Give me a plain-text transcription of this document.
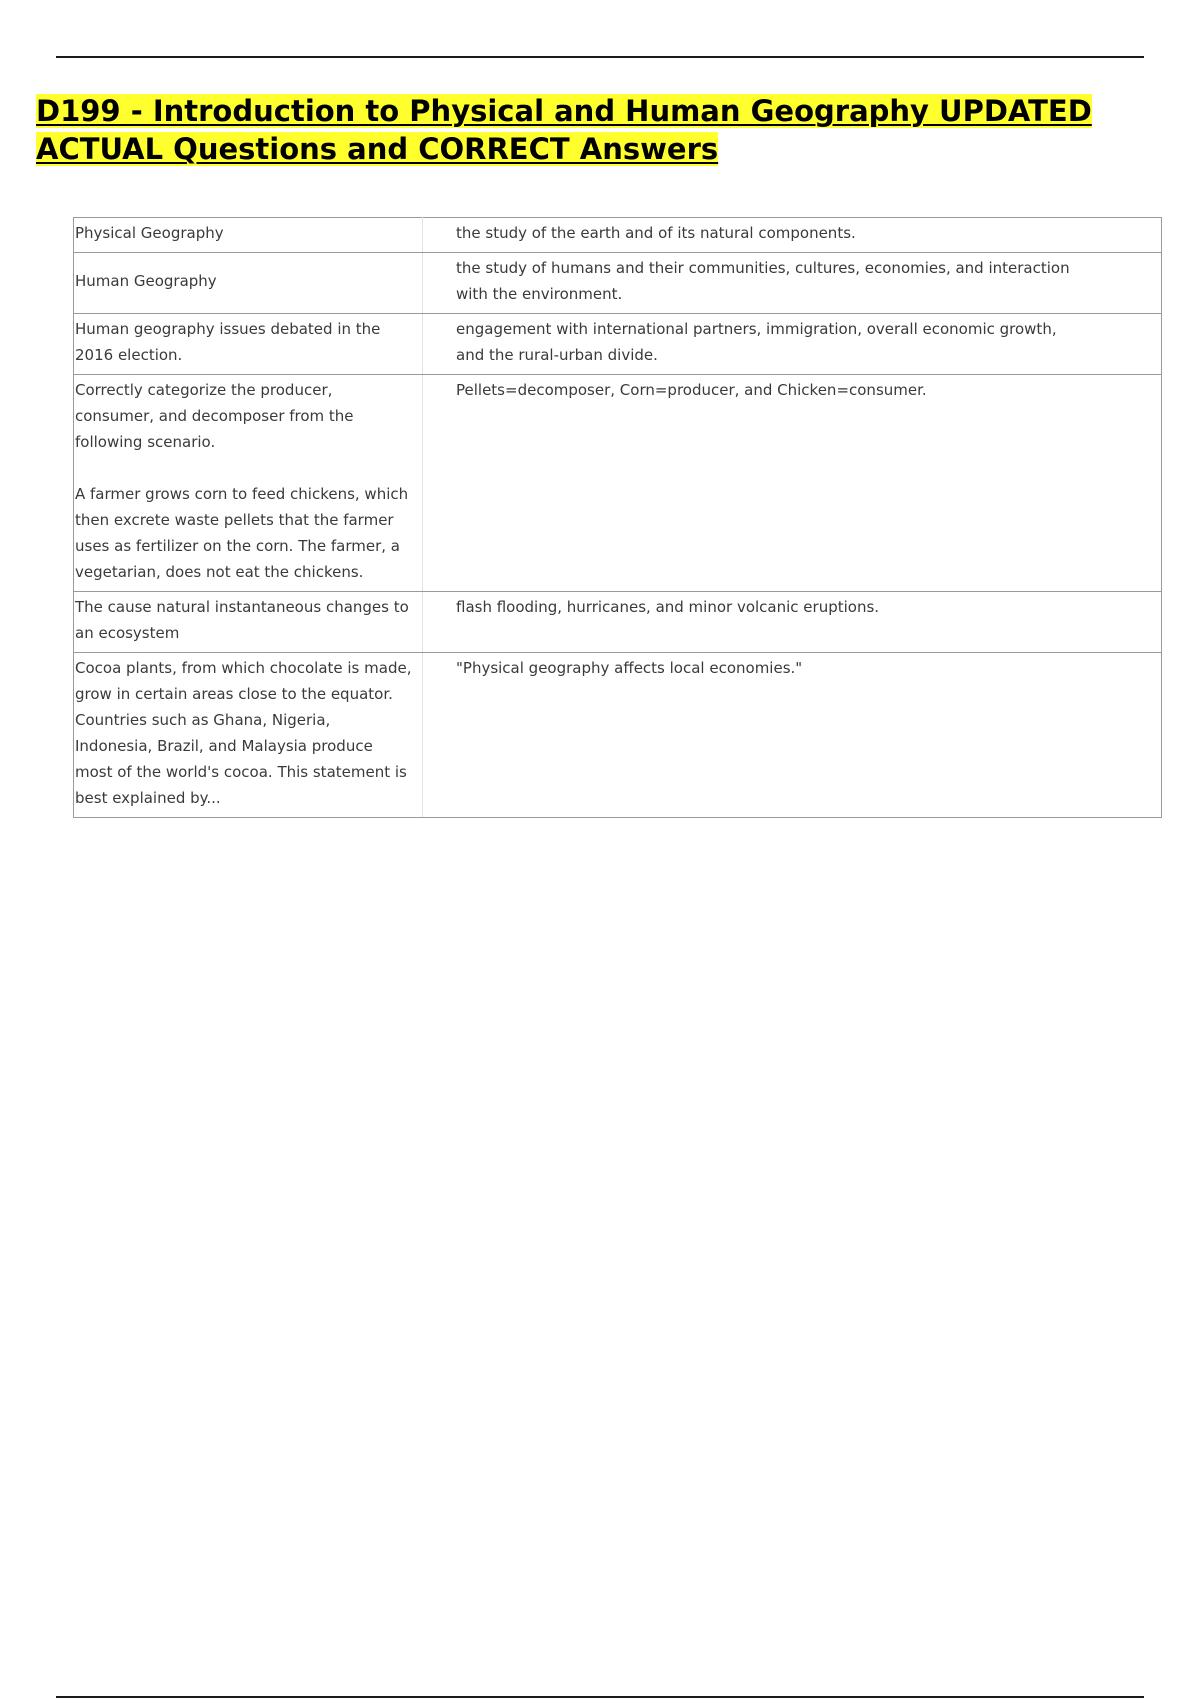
D199 - Introduction to Physical and Human Geography UPDATED ACTUAL Questions and CORRECT Answers
Physical Geography	the study of the earth and of its natural components.
Human Geography	the study of humans and their communities, cultures, economies, and interaction with the environment.
Human geography issues debated in the 2016 election.	engagement with international partners, immigration, overall economic growth, and the rural-urban divide.

Correctly categorize the producer, consumer, and decomposer from the following scenario.
A farmer grows corn to feed chickens, which then excrete waste pellets that the farmer uses as fertilizer on the corn. The farmer, a vegetarian, does not eat the chickens.	Pellets=decomposer, Corn=producer, and Chicken=consumer.
The cause natural instantaneous changes to an ecosystem	flash flooding, hurricanes, and minor volcanic eruptions.
Cocoa plants, from which chocolate is made, grow in certain areas close to the equator. Countries such as Ghana, Nigeria, Indonesia, Brazil, and Malaysia produce most of the world's cocoa. This statement is best explained by...	"Physical geography affects local economies."
